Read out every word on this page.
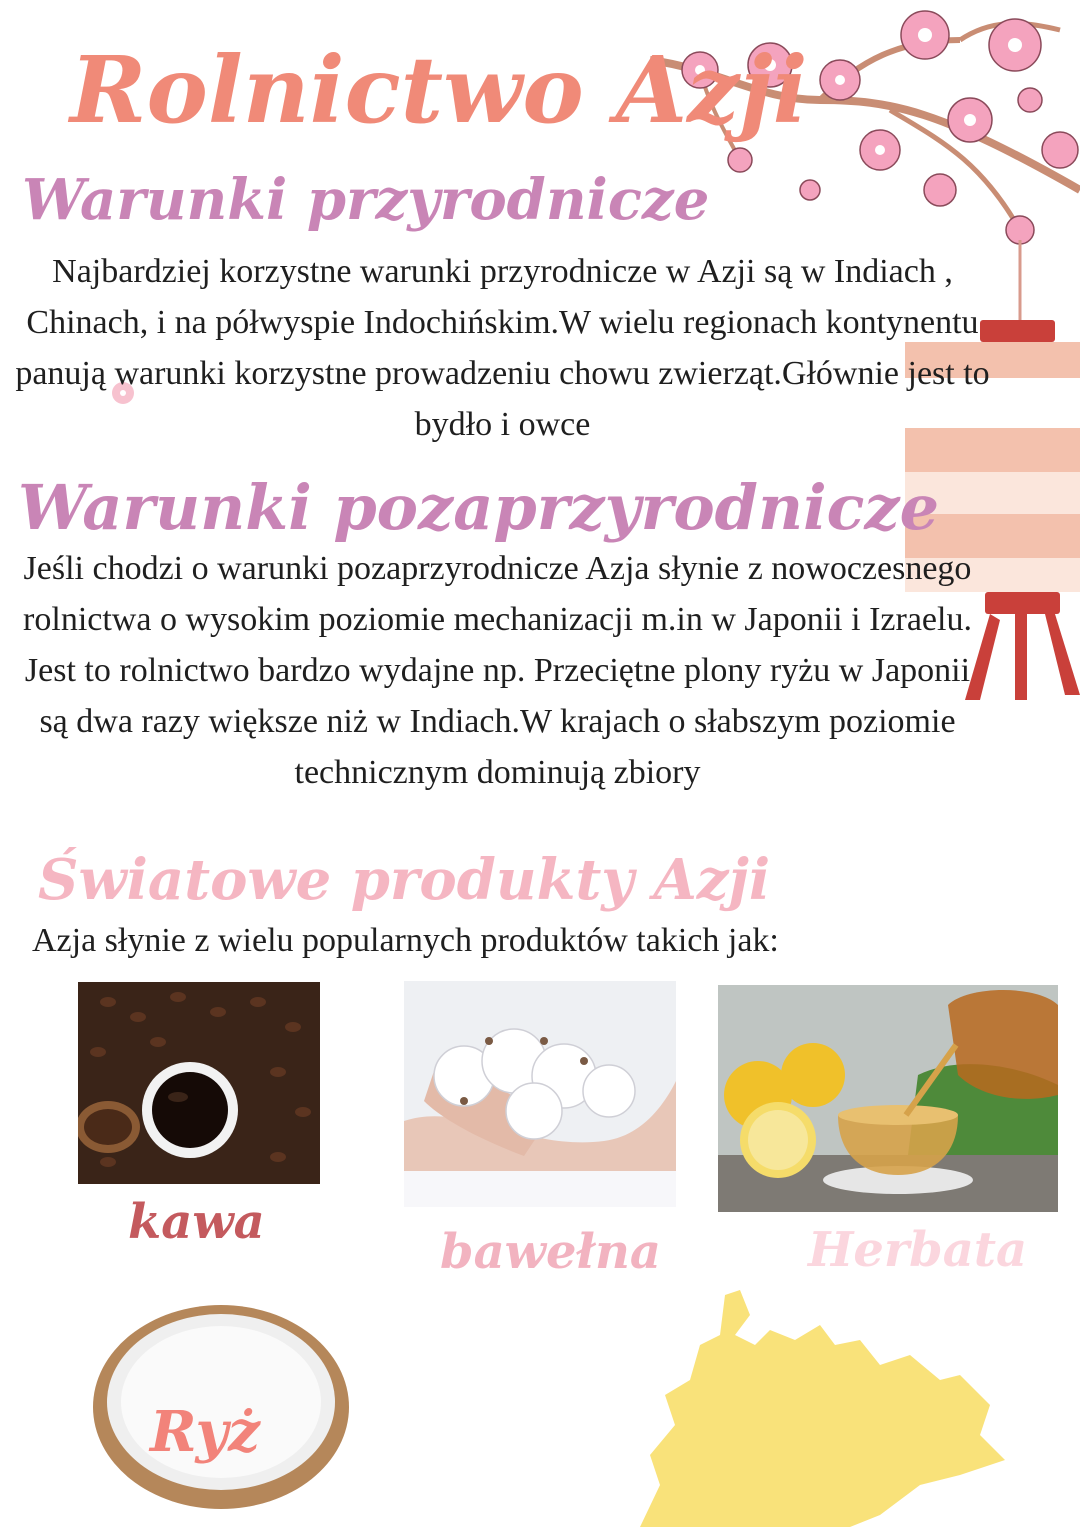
Rolnictwo Azji
Warunki przyrodnicze
Najbardziej korzystne warunki przyrodnicze w Azji są w Indiach , Chinach, i na półwyspie Indochińskim.W wielu regionach kontynentu panują warunki korzystne prowadzeniu chowu zwierząt.Głównie jest to bydło i owce
Warunki pozaprzyrodnicze
Jeśli chodzi o warunki pozaprzyrodnicze Azja słynie z nowoczesnego rolnictwa o wysokim poziomie mechanizacji m.in w Japonii i Izraelu. Jest to rolnictwo bardzo wydajne np. Przeciętne plony ryżu w Japonii są dwa razy większe niż w Indiach.W krajach o słabszym poziomie technicznym dominują zbiory
Światowe produkty Azji
Azja słynie z wielu popularnych produktów takich jak:
kawa
bawełna	Herbata
Ryż
